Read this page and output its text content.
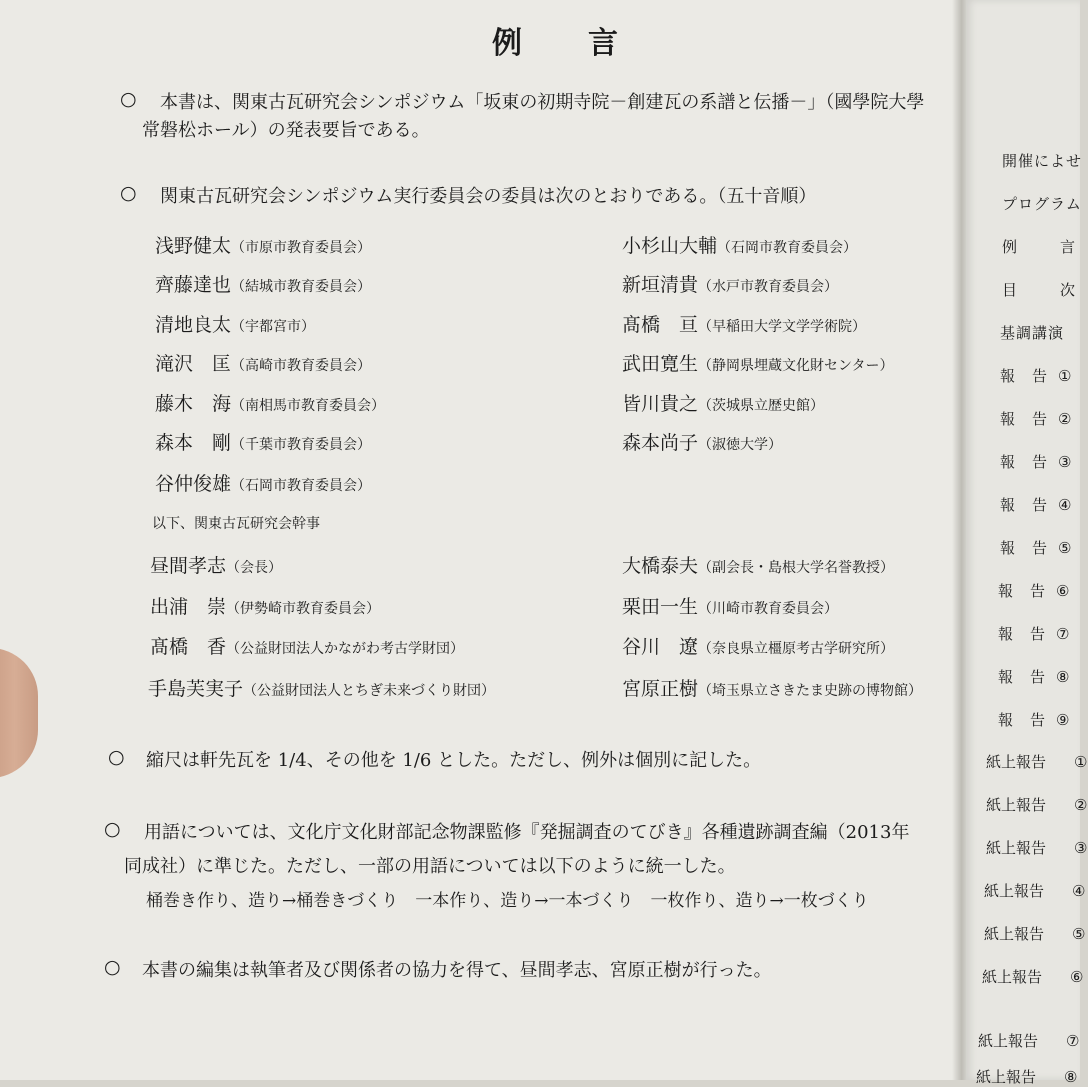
例言
○ 本書は、関東古瓦研究会シンポジウム「坂東の初期寺院－創建瓦の系譜と伝播－」（國學院大學
常磐松ホール）の発表要旨である。
○ 関東古瓦研究会シンポジウム実行委員会の委員は次のとおりである。（五十音順）
浅野健太（市原市教育委員会）
齊藤達也（結城市教育委員会）
清地良太（宇都宮市）
滝沢　匡（高崎市教育委員会）
藤木　海（南相馬市教育委員会）
森本　剛（千葉市教育委員会）
谷仲俊雄（石岡市教育委員会）
小杉山大輔（石岡市教育委員会）
新垣清貴（水戸市教育委員会）
髙橋　亘（早稲田大学文学学術院）
武田寛生（静岡県埋蔵文化財センター）
皆川貴之（茨城県立歴史館）
森本尚子（淑徳大学）
以下、関東古瓦研究会幹事
昼間孝志（会長）
出浦　崇（伊勢崎市教育委員会）
髙橋　香（公益財団法人かながわ考古学財団）
手島芙実子（公益財団法人とちぎ未来づくり財団）
大橋泰夫（副会長・島根大学名誉教授）
栗田一生（川崎市教育委員会）
谷川　遼（奈良県立橿原考古学研究所）
宮原正樹（埼玉県立さきたま史跡の博物館）
○ 縮尺は軒先瓦を 1/4、その他を 1/6 とした。ただし、例外は個別に記した。
○ 用語については、文化庁文化財部記念物課監修『発掘調査のてびき』各種遺跡調査編（2013年
同成社）に準じた。ただし、一部の用語については以下のように統一した。
桶巻き作り、造り→桶巻きづくり　一本作り、造り→一本づくり　一枚作り、造り→一枚づくり
○ 本書の編集は執筆者及び関係者の協力を得て、昼間孝志、宮原正樹が行った。
開催によせ
プログラム
例	言
目	次
基調講演
報　告 ①
報　告 ②
報　告 ③
報　告 ④
報　告 ⑤
報　告 ⑥
報　告 ⑦
報　告 ⑧
報　告 ⑨
紙上報告 ①
紙上報告 ②
紙上報告 ③
紙上報告 ④
紙上報告 ⑤
紙上報告 ⑥
紙上報告 ⑦
紙上報告 ⑧
